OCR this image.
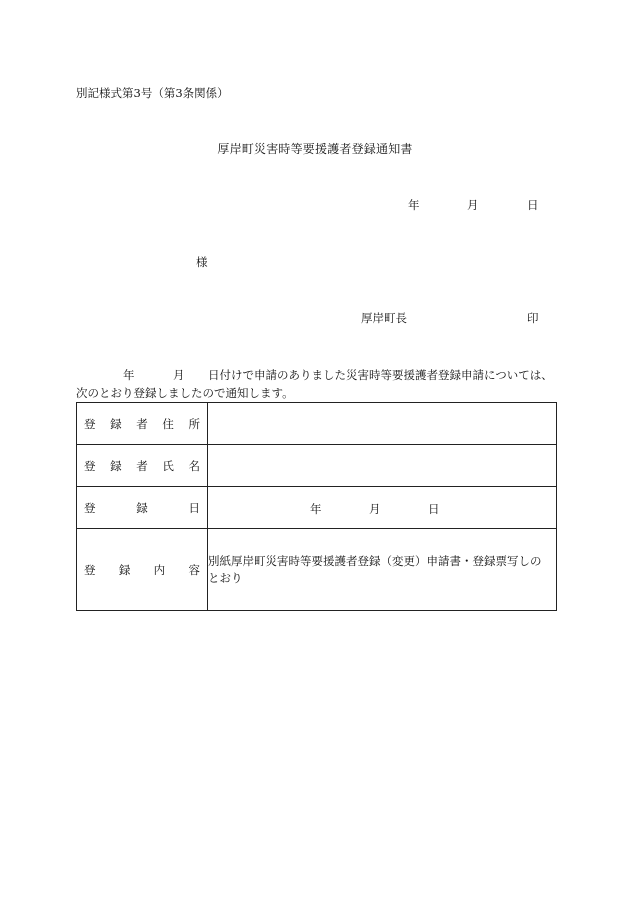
別記様式第3号（第3条関係）
厚岸町災害時等要援護者登録通知書
年	月	日
様
厚岸町長	印
年	月 日付けで申請のありました災害時等要援護者登録申請については、
次のとおり登録しましたので通知します。
登 録 者 住 所	

登 録 者 氏 名	

登 録 日	年 月 日

登 録 内 容	別紙厚岸町災害時等要援護者登録（変更）申請書・登録票写しのとおり
